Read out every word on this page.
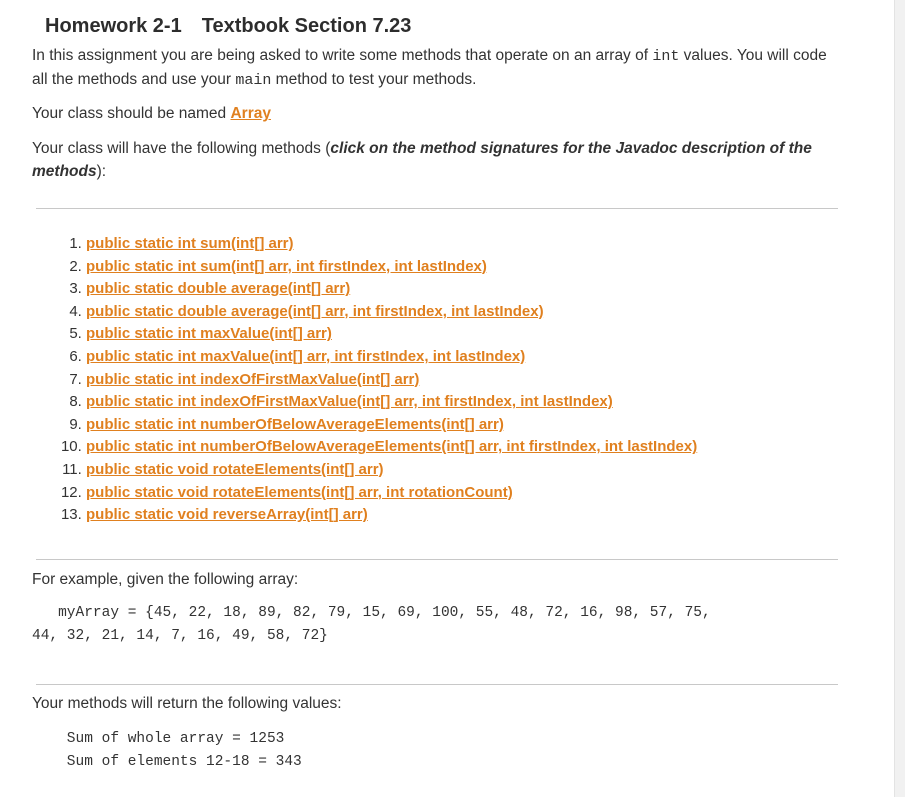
Homework 2-1 Textbook Section 7.23

In this assignment you are being asked to write some methods that operate on an array of int values. You will code all the methods and use your main method to test your methods.

Your class should be named Array

Your class will have the following methods (click on the method signatures for the Javadoc description of the methods):

1. public static int sum(int[] arr)
2. public static int sum(int[] arr, int firstIndex, int lastIndex)
3. public static double average(int[] arr)
4. public static double average(int[] arr, int firstIndex, int lastIndex)
5. public static int maxValue(int[] arr)
6. public static int maxValue(int[] arr, int firstIndex, int lastIndex)
7. public static int indexOfFirstMaxValue(int[] arr)
8. public static int indexOfFirstMaxValue(int[] arr, int firstIndex, int lastIndex)
9. public static int numberOfBelowAverageElements(int[] arr)
10. public static int numberOfBelowAverageElements(int[] arr, int firstIndex, int lastIndex)
11. public static void rotateElements(int[] arr)
12. public static void rotateElements(int[] arr, int rotationCount)
13. public static void reverseArray(int[] arr)

For example, given the following array:

myArray = {45, 22, 18, 89, 82, 79, 15, 69, 100, 55, 48, 72, 16, 98, 57, 75,
44, 32, 21, 14, 7, 16, 49, 58, 72}

Your methods will return the following values:

Sum of whole array = 1253
Sum of elements 12-18 = 343
